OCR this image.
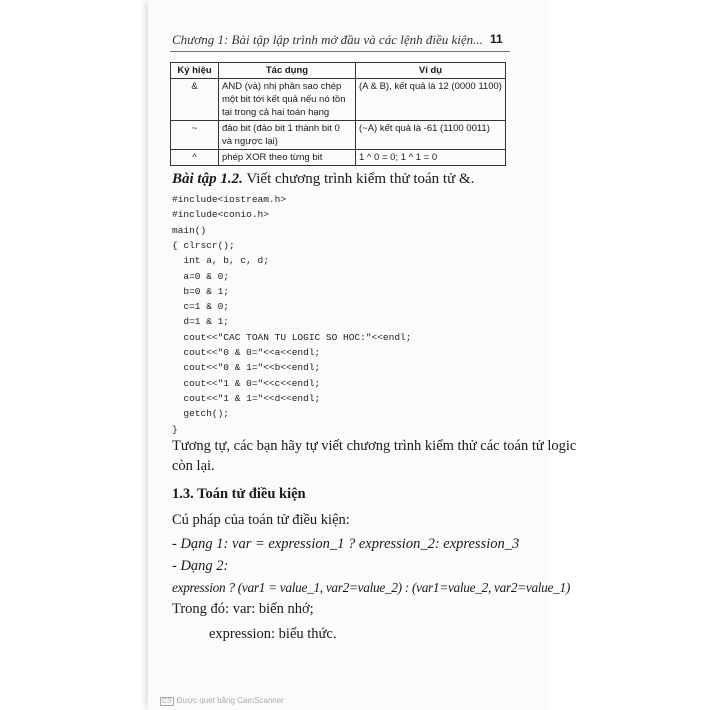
Chương 1: Bài tập lập trình mở đầu và các lệnh điều kiện... 11
Ký hiệu	Tác dụng	Ví dụ
&	AND (và) nhị phân sao chép một bit tới kết quả nếu nó tồn tại trong cả hai toán hạng	(A & B), kết quả là 12 (0000 1100)
~	đảo bit (đảo bit 1 thành bit 0 và ngược lại)	(~A) kết quả là -61 (1100 0011)
^	phép XOR theo từng bit	1 ^ 0 = 0; 1 ^ 1 = 0
Bài tập 1.2. Viết chương trình kiểm thử toán tử &.
#include<iostream.h>
#include<conio.h>
main()
{ clrscr();
int a, b, c, d;
a=0 & 0;
b=0 & 1;
c=1 & 0;
d=1 & 1;
cout<<"CAC TOAN TU LOGIC SO HOC:"<<endl;
cout<<"0 & 0="<<a<<endl;
cout<<"0 & 1="<<b<<endl;
cout<<"1 & 0="<<c<<endl;
cout<<"1 & 1="<<d<<endl;
getch();
}
Tương tự, các bạn hãy tự viết chương trình kiểm thử các toán tử logic
còn lại.
1.3. Toán tử điều kiện
Cú pháp của toán tử điều kiện:
- Dạng 1: var = expression_1 ? expression_2: expression_3
- Dạng 2:
expression ? (var1 = value_1, var2=value_2) : (var1=value_2, var2=value_1)
Trong đó: var: biến nhớ;
expression: biểu thức.
CS Được quét bằng CamScanner
